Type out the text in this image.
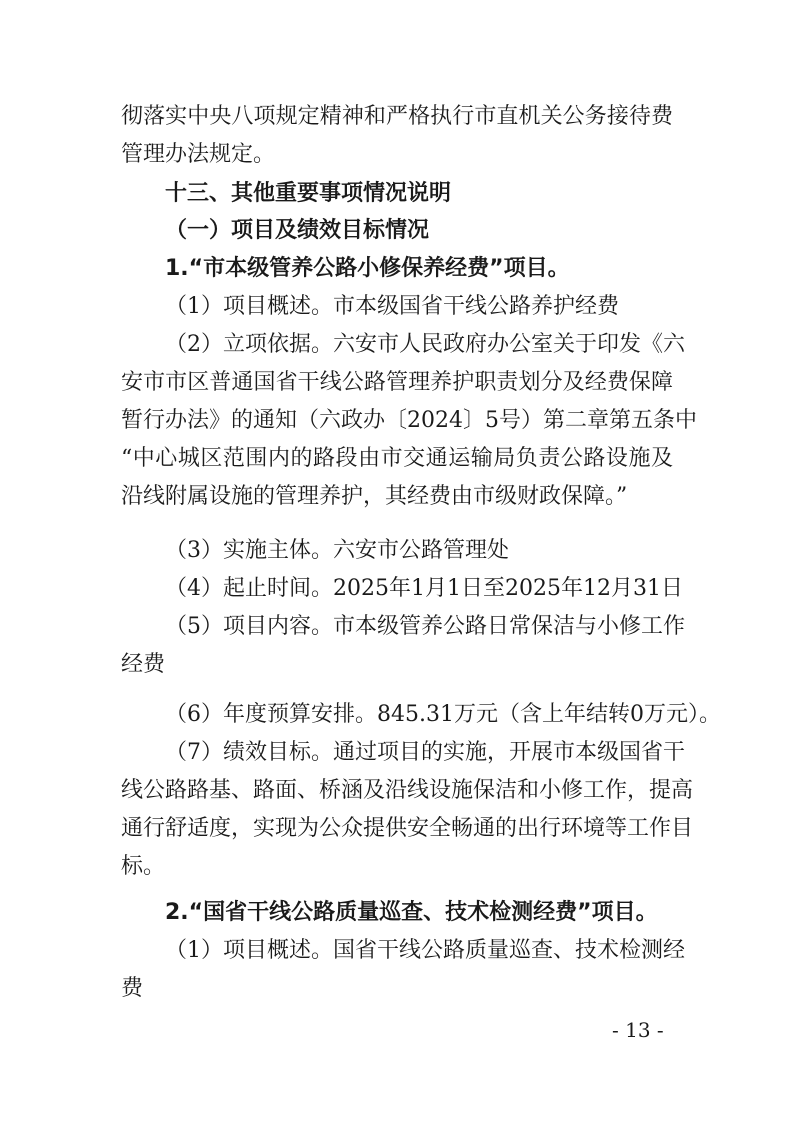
彻落实中央八项规定精神和严格执行市直机关公务接待费
管理办法规定。
十三、其他重要事项情况说明
（一）项目及绩效目标情况
1.“市本级管养公路小修保养经费”项目。
（1）项目概述。市本级国省干线公路养护经费
（2）立项依据。六安市人民政府办公室关于印发《六
安市市区普通国省干线公路管理养护职责划分及经费保障
暂行办法》的通知（六政办〔2024〕5号）第二章第五条中
“中心城区范围内的路段由市交通运输局负责公路设施及
沿线附属设施的管理养护，其经费由市级财政保障。”
（3）实施主体。六安市公路管理处
（4）起止时间。2025年1月1日至2025年12月31日
（5）项目内容。市本级管养公路日常保洁与小修工作
经费
（6）年度预算安排。845.31万元（含上年结转0万元）。
（7）绩效目标。通过项目的实施，开展市本级国省干
线公路路基、路面、桥涵及沿线设施保洁和小修工作，提高
通行舒适度，实现为公众提供安全畅通的出行环境等工作目
标。
2.“国省干线公路质量巡查、技术检测经费”项目。
（1）项目概述。国省干线公路质量巡查、技术检测经
费
- 13 -
